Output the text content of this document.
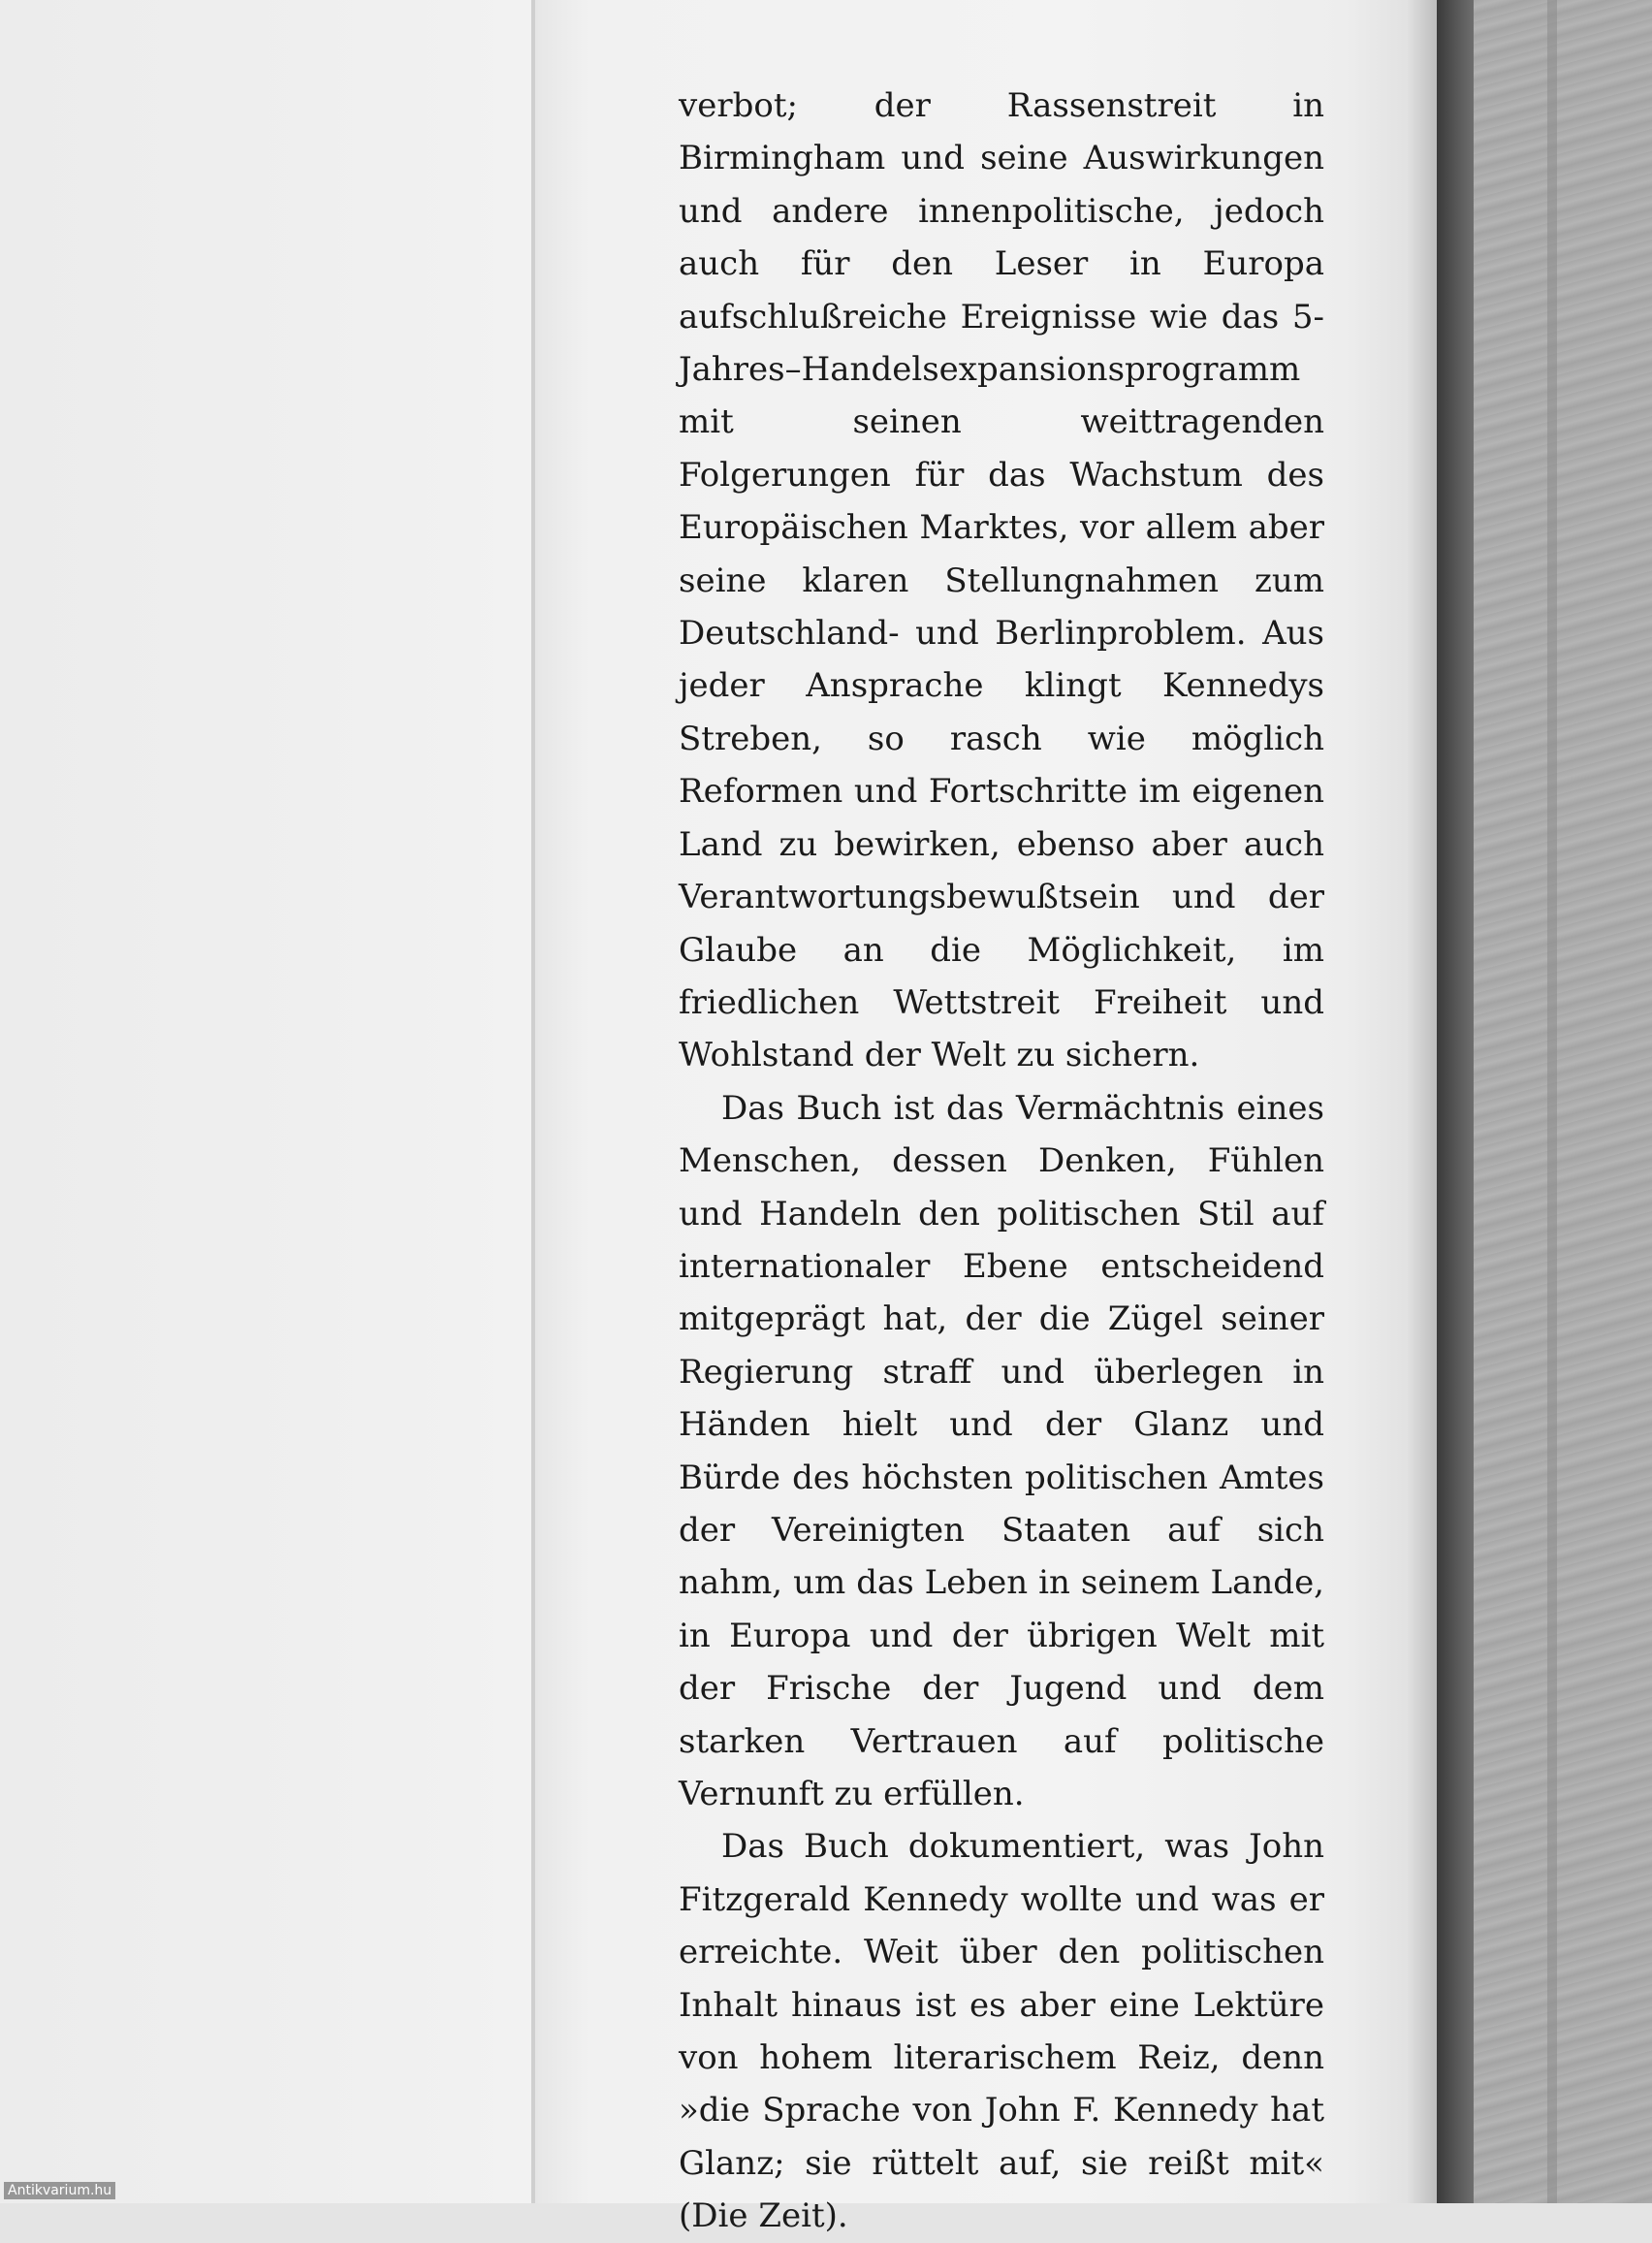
verbot; der Rassenstreit in Birmingham und seine Auswirkungen und andere innenpolitische, jedoch auch für den Leser in Europa aufschlußreiche Ereignisse wie das 5-Jahres–Handelsexpansionsprogramm mit seinen weittragenden Folgerungen für das Wachstum des Europäischen Marktes, vor allem aber seine klaren Stellungnahmen zum Deutschland- und Berlinproblem. Aus jeder Ansprache klingt Kennedys Streben, so rasch wie möglich Reformen und Fortschritte im eigenen Land zu bewirken, ebenso aber auch Verantwortungsbewußtsein und der Glaube an die Möglichkeit, im friedlichen Wettstreit Freiheit und Wohlstand der Welt zu sichern.

Das Buch ist das Vermächtnis eines Menschen, dessen Denken, Fühlen und Handeln den politischen Stil auf internationaler Ebene entscheidend mitgeprägt hat, der die Zügel seiner Regierung straff und überlegen in Händen hielt und der Glanz und Bürde des höchsten politischen Amtes der Vereinigten Staaten auf sich nahm, um das Leben in seinem Lande, in Europa und der übrigen Welt mit der Frische der Jugend und dem starken Vertrauen auf politische Vernunft zu erfüllen.

Das Buch dokumentiert, was John Fitzgerald Kennedy wollte und was er erreichte. Weit über den politischen Inhalt hinaus ist es aber eine Lektüre von hohem literarischem Reiz, denn »die Sprache von John F. Kennedy hat Glanz; sie rüttelt auf, sie reißt mit« (Die Zeit).

Antikvarium.hu
